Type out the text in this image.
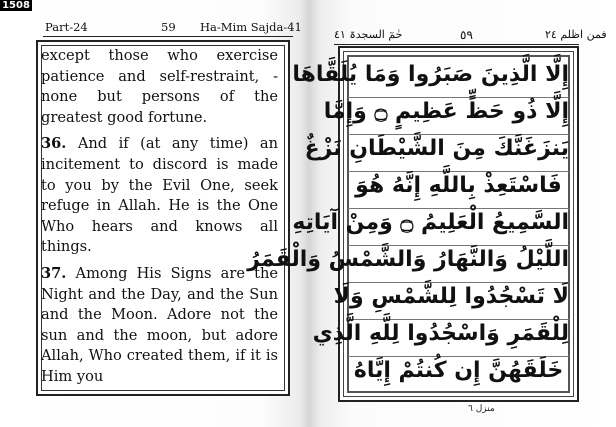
1508
Part-24	59 Ha-Mim Sajda-41

except those who exercise patience and self-restraint, - none but persons of the greatest good fortune.

36. And if (at any time) an incitement to discord is made to you by the Evil One, seek refuge in Allah. He is the One Who hears and knows all things.

37. Among His Signs are the Night and the Day, and the Sun and the Moon. Adore not the sun and the moon, but adore Allah, Who created them, if it is Him you

حٰمٓ السجدۃ ٤١	٥٩	فمن اظلم ٢٤
إِلَّا الَّذِينَ صَبَرُوا وَمَا يُلَقَّاهَا
إِلَّا ذُو حَظٍّ عَظِيمٍ ۝ وَإِمَّا
يَنزَغَنَّكَ مِنَ الشَّيْطَانِ نَزْغٌ
فَاسْتَعِذْ بِاللَّهِ إِنَّهُ هُوَ
السَّمِيعُ الْعَلِيمُ ۝ وَمِنْ آيَاتِهِ
اللَّيْلُ وَالنَّهَارُ وَالشَّمْسُ وَالْقَمَرُ
لَا تَسْجُدُوا لِلشَّمْسِ وَلَا
لِلْقَمَرِ وَاسْجُدُوا لِلَّهِ الَّذِي
خَلَقَهُنَّ إِن كُنتُمْ إِيَّاهُ
منزل ٦
